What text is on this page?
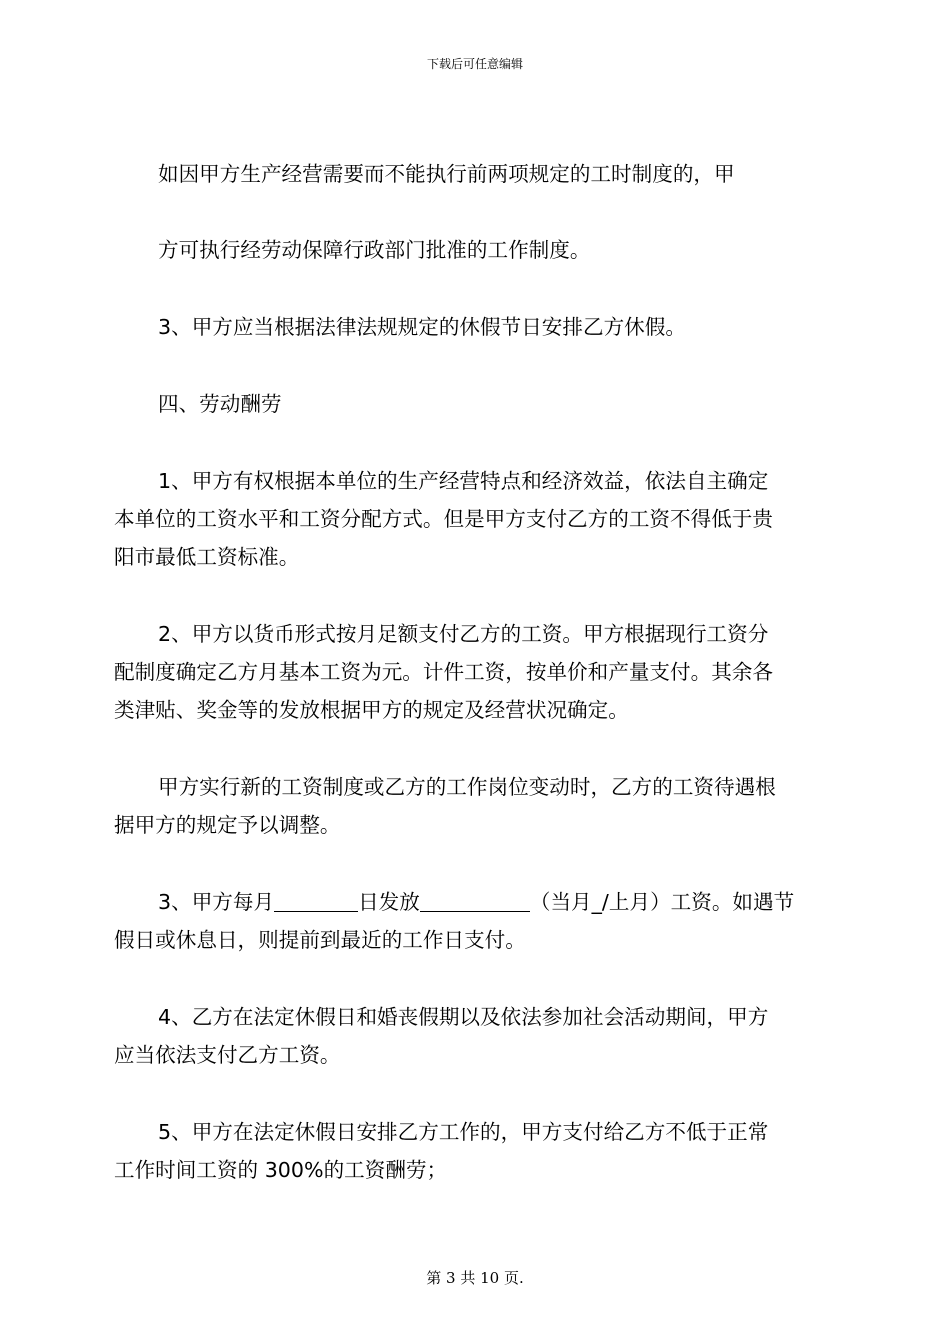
下载后可任意编辑
如因甲方生产经营需要而不能执行前两项规定的工时制度的，甲
方可执行经劳动保障行政部门批准的工作制度。
3、甲方应当根据法律法规规定的休假节日安排乙方休假。
四、劳动酬劳
1、甲方有权根据本单位的生产经营特点和经济效益，依法自主确定
本单位的工资水平和工资分配方式。但是甲方支付乙方的工资不得低于贵
阳市最低工资标准。
2、甲方以货币形式按月足额支付乙方的工资。甲方根据现行工资分
配制度确定乙方月基本工资为元。计件工资，按单价和产量支付。其余各
类津贴、奖金等的发放根据甲方的规定及经营状况确定。
甲方实行新的工资制度或乙方的工作岗位变动时，乙方的工资待遇根
据甲方的规定予以调整。
3、甲方每月	日发放	（当月_/上月）工资。如遇节
假日或休息日，则提前到最近的工作日支付。
4、乙方在法定休假日和婚丧假期以及依法参加社会活动期间，甲方
应当依法支付乙方工资。
5、甲方在法定休假日安排乙方工作的，甲方支付给乙方不低于正常
工作时间工资的 300%的工资酬劳；
第 3 共 10 页.
